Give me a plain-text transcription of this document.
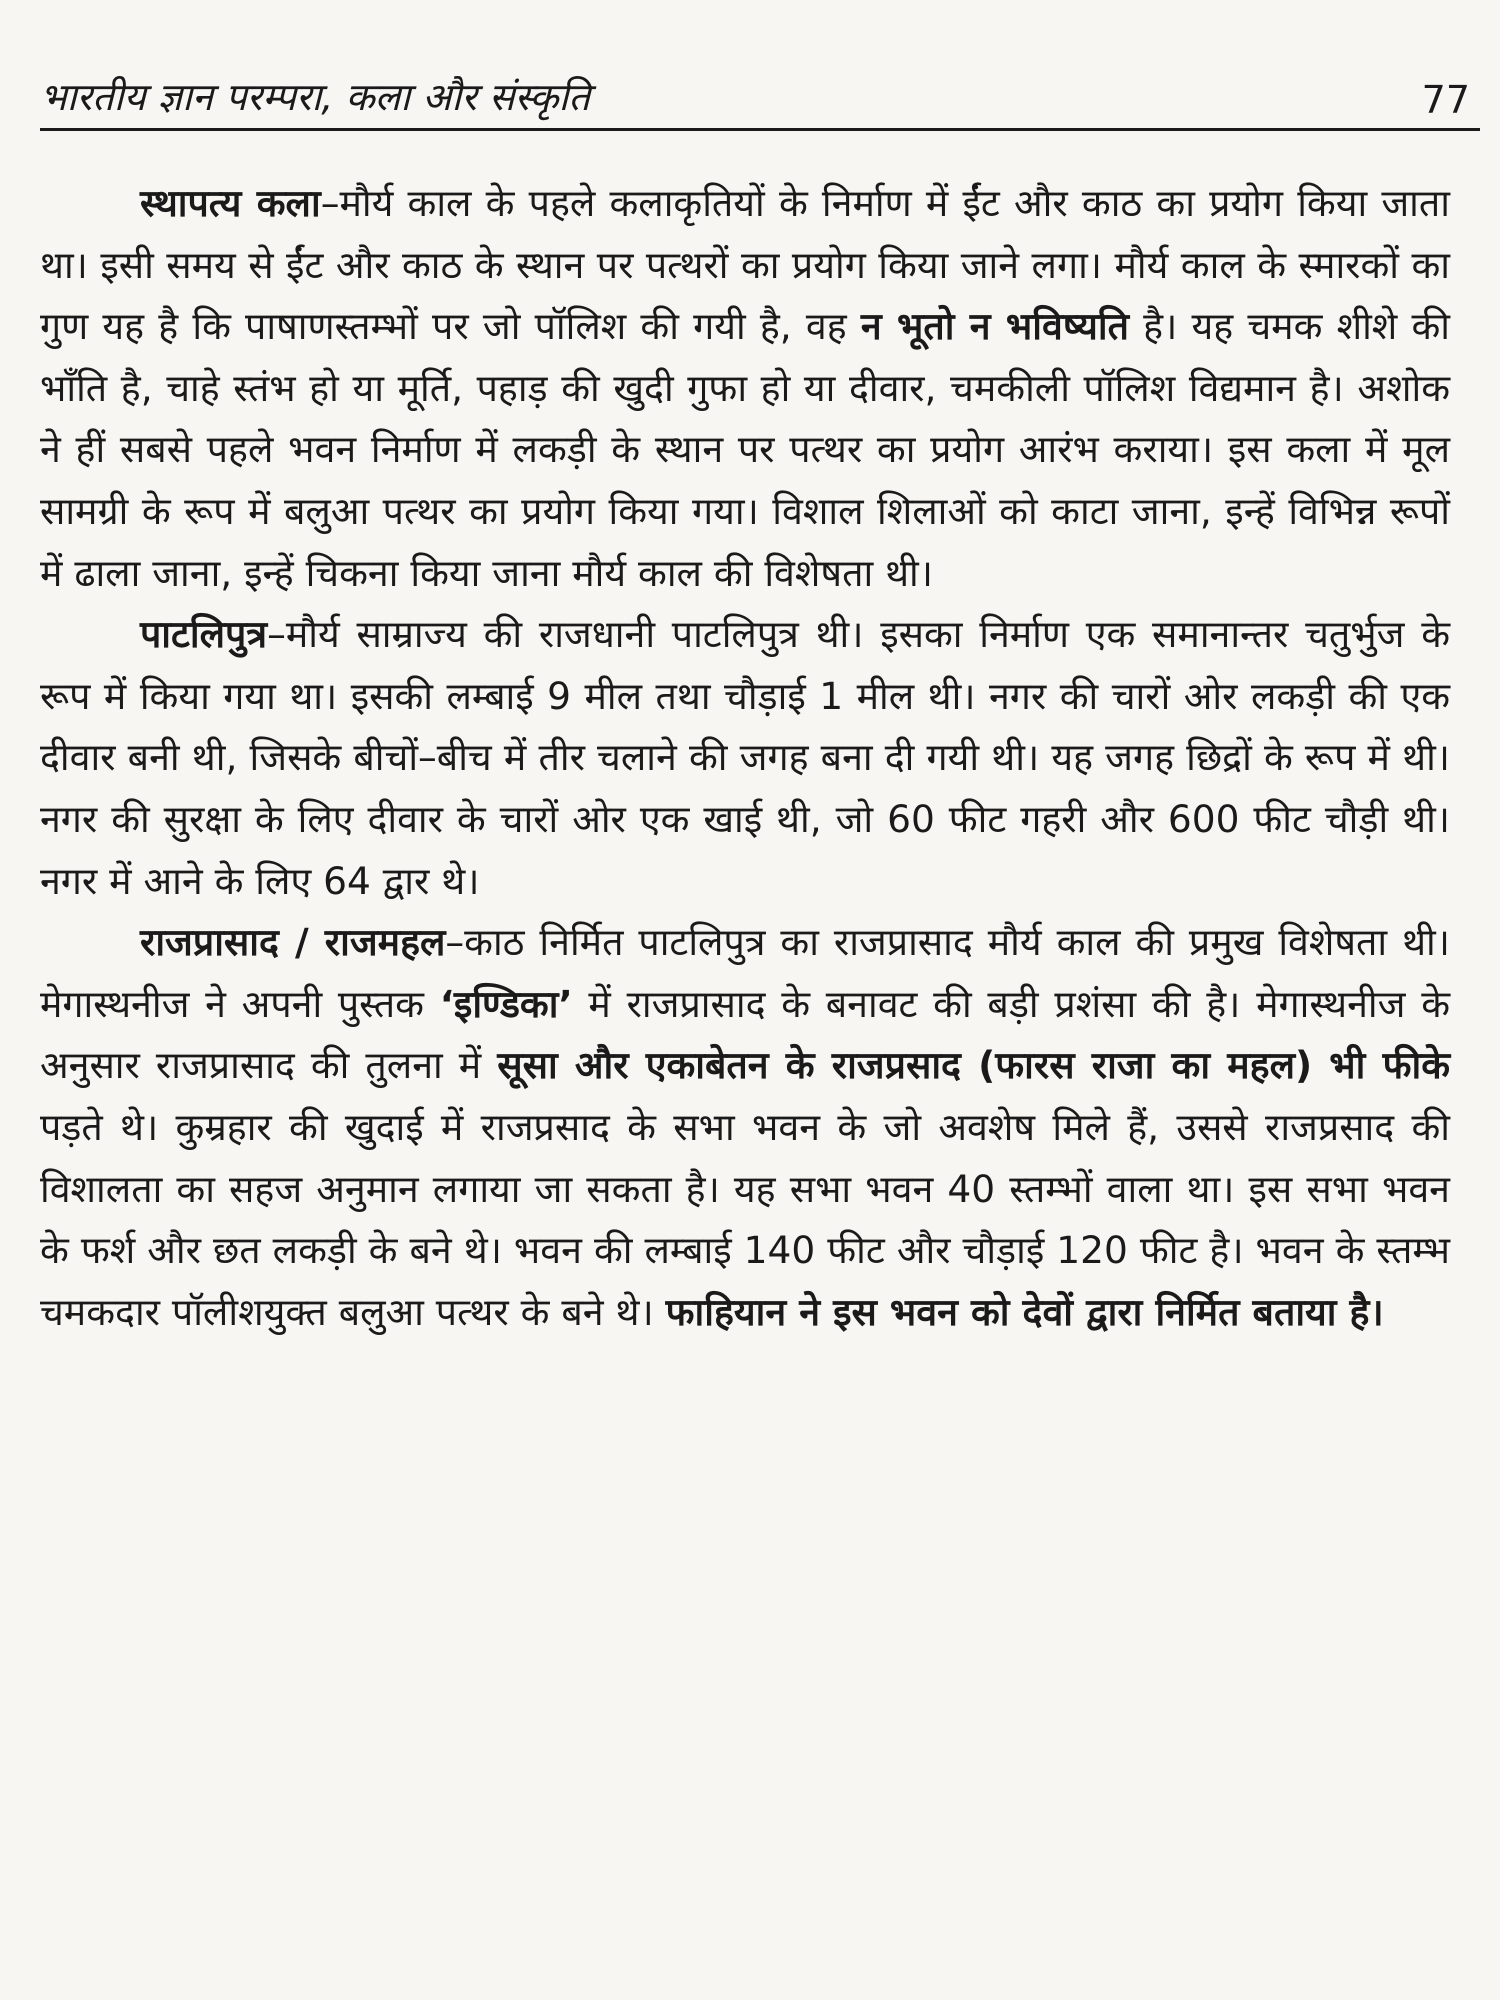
भारतीय ज्ञान परम्परा, कला और संस्कृति	77

स्थापत्य कला–मौर्य काल के पहले कलाकृतियों के निर्माण में ईंट और काठ का प्रयोग किया जाता था। इसी समय से ईंट और काठ के स्थान पर पत्थरों का प्रयोग किया जाने लगा। मौर्य काल के स्मारकों का गुण यह है कि पाषाणस्तम्भों पर जो पॉलिश की गयी है, वह न भूतो न भविष्यति है। यह चमक शीशे की भाँति है, चाहे स्तंभ हो या मूर्ति, पहाड़ की खुदी गुफा हो या दीवार, चमकीली पॉलिश विद्यमान है। अशोक ने हीं सबसे पहले भवन निर्माण में लकड़ी के स्थान पर पत्थर का प्रयोग आरंभ कराया। इस कला में मूल सामग्री के रूप में बलुआ पत्थर का प्रयोग किया गया। विशाल शिलाओं को काटा जाना, इन्हें विभिन्न रूपों में ढाला जाना, इन्हें चिकना किया जाना मौर्य काल की विशेषता थी।

पाटलिपुत्र–मौर्य साम्राज्य की राजधानी पाटलिपुत्र थी। इसका निर्माण एक समानान्तर चतुर्भुज के रूप में किया गया था। इसकी लम्बाई 9 मील तथा चौड़ाई 1 मील थी। नगर की चारों ओर लकड़ी की एक दीवार बनी थी, जिसके बीचों–बीच में तीर चलाने की जगह बना दी गयी थी। यह जगह छिद्रों के रूप में थी। नगर की सुरक्षा के लिए दीवार के चारों ओर एक खाई थी, जो 60 फीट गहरी और 600 फीट चौड़ी थी। नगर में आने के लिए 64 द्वार थे।

राजप्रासाद / राजमहल–काठ निर्मित पाटलिपुत्र का राजप्रासाद मौर्य काल की प्रमुख विशेषता थी। मेगास्थनीज ने अपनी पुस्तक ‘इण्डिका’ में राजप्रासाद के बनावट की बड़ी प्रशंसा की है। मेगास्थनीज के अनुसार राजप्रासाद की तुलना में सूसा और एकाबेतन के राजप्रसाद (फारस राजा का महल) भी फीके पड़ते थे। कुम्रहार की खुदाई में राजप्रसाद के सभा भवन के जो अवशेष मिले हैं, उससे राजप्रसाद की विशालता का सहज अनुमान लगाया जा सकता है। यह सभा भवन 40 स्तम्भों वाला था। इस सभा भवन के फर्श और छत लकड़ी के बने थे। भवन की लम्बाई 140 फीट और चौड़ाई 120 फीट है। भवन के स्तम्भ चमकदार पॉलीशयुक्त बलुआ पत्थर के बने थे। फाहियान ने इस भवन को देवों द्वारा निर्मित बताया है।
